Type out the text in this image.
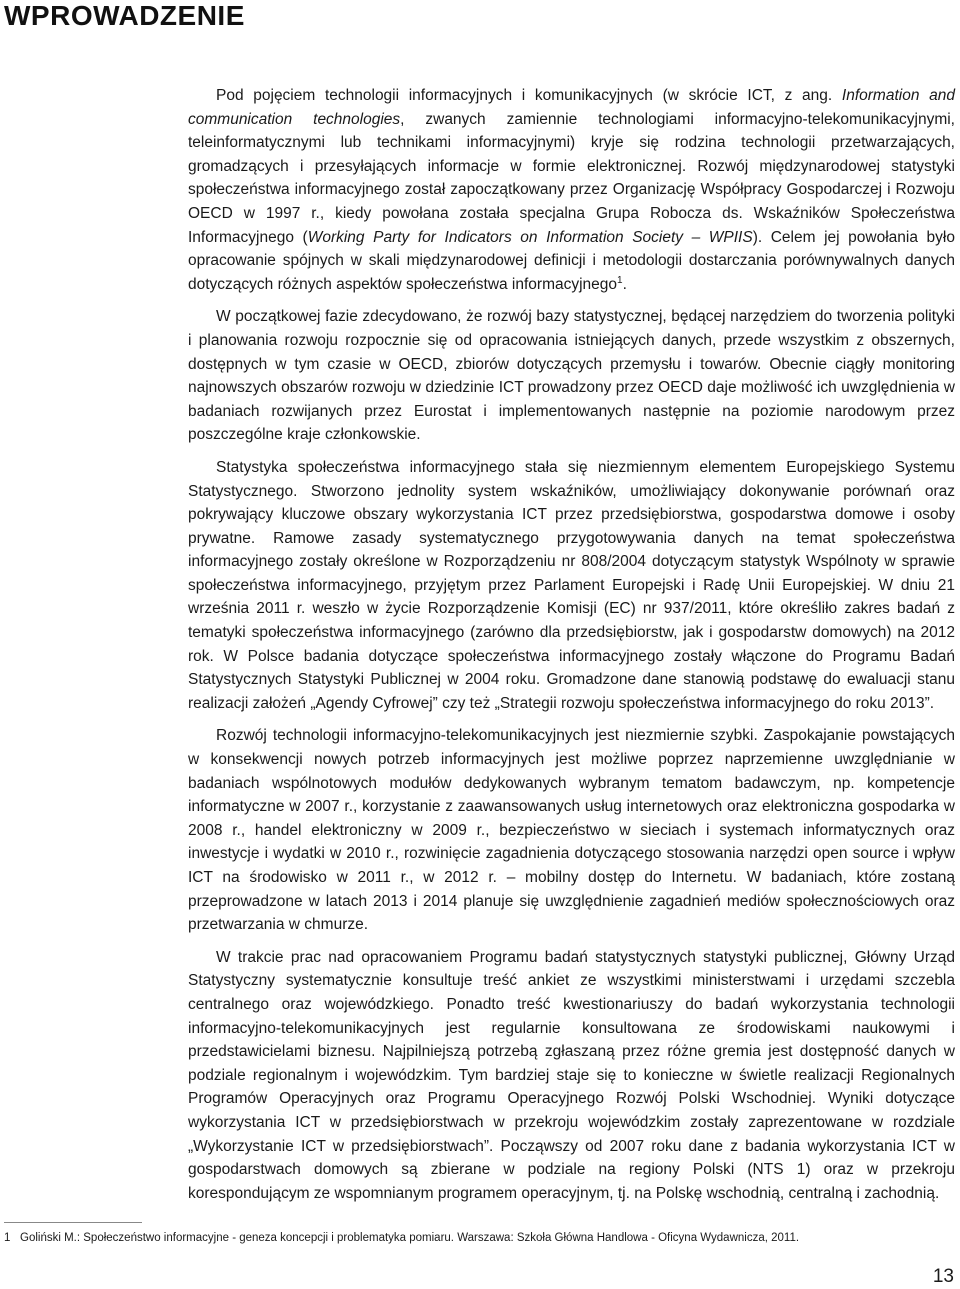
WPROWADZENIE

Pod pojęciem technologii informacyjnych i komunikacyjnych (w skrócie ICT, z ang. Information and communication technologies, zwanych zamiennie technologiami informacyjno-telekomunikacyjnymi, teleinformatycznymi lub technikami informacyjnymi) kryje się rodzina technologii przetwarzających, gromadzących i przesyłających informacje w formie elektronicznej. Rozwój międzynarodowej statystyki społeczeństwa informacyjnego został zapoczątkowany przez Organizację Współpracy Gospodarczej i Rozwoju OECD w 1997 r., kiedy powołana została specjalna Grupa Robocza ds. Wskaźników Społeczeństwa Informacyjnego (Working Party for Indicators on Information Society – WPIIS). Celem jej powołania było opracowanie spójnych w skali międzynarodowej definicji i metodologii dostarczania porównywalnych danych dotyczących różnych aspektów społeczeństwa informacyjnego$^1$.

W początkowej fazie zdecydowano, że rozwój bazy statystycznej, będącej narzędziem do tworzenia polityki i planowania rozwoju rozpocznie się od opracowania istniejących danych, przede wszystkim z obszernych, dostępnych w tym czasie w OECD, zbiorów dotyczących przemysłu i towarów. Obecnie ciągły monitoring najnowszych obszarów rozwoju w dziedzinie ICT prowadzony przez OECD daje możliwość ich uwzględnienia w badaniach rozwijanych przez Eurostat i implementowanych następnie na poziomie narodowym przez poszczególne kraje członkowskie.

Statystyka społeczeństwa informacyjnego stała się niezmiennym elementem Europejskiego Systemu Statystycznego. Stworzono jednolity system wskaźników, umożliwiający dokonywanie porównań oraz pokrywający kluczowe obszary wykorzystania ICT przez przedsiębiorstwa, gospodarstwa domowe i osoby prywatne. Ramowe zasady systematycznego przygotowywania danych na temat społeczeństwa informacyjnego zostały określone w Rozporządzeniu nr 808/2004 dotyczącym statystyk Wspólnoty w sprawie społeczeństwa informacyjnego, przyjętym przez Parlament Europejski i Radę Unii Europejskiej. W dniu 21 września 2011 r. weszło w życie Rozporządzenie Komisji (EC) nr 937/2011, które określiło zakres badań z tematyki społeczeństwa informacyjnego (zarówno dla przedsiębiorstw, jak i gospodarstw domowych) na 2012 rok. W Polsce badania dotyczące społeczeństwa informacyjnego zostały włączone do Programu Badań Statystycznych Statystyki Publicznej w 2004 roku. Gromadzone dane stanowią podstawę do ewaluacji stanu realizacji założeń „Agendy Cyfrowej” czy też „Strategii rozwoju społeczeństwa informacyjnego do roku 2013”.

Rozwój technologii informacyjno-telekomunikacyjnych jest niezmiernie szybki. Zaspokajanie powstających w konsekwencji nowych potrzeb informacyjnych jest możliwe poprzez naprzemienne uwzględnianie w badaniach wspólnotowych modułów dedykowanych wybranym tematom badawczym, np. kompetencje informatyczne w 2007 r., korzystanie z zaawansowanych usług internetowych oraz elektroniczna gospodarka w 2008 r., handel elektroniczny w 2009 r., bezpieczeństwo w sieciach i systemach informatycznych oraz inwestycje i wydatki w 2010 r., rozwinięcie zagadnienia dotyczącego stosowania narzędzi open source i wpływ ICT na środowisko w 2011 r., w 2012 r. – mobilny dostęp do Internetu. W badaniach, które zostaną przeprowadzone w latach 2013 i 2014 planuje się uwzględnienie zagadnień mediów społecznościowych oraz przetwarzania w chmurze.

W trakcie prac nad opracowaniem Programu badań statystycznych statystyki publicznej, Główny Urząd Statystyczny systematycznie konsultuje treść ankiet ze wszystkimi ministerstwami i urzędami szczebla centralnego oraz wojewódzkiego. Ponadto treść kwestionariuszy do badań wykorzystania technologii informacyjno-telekomunikacyjnych jest regularnie konsultowana ze środowiskami naukowymi i przedstawicielami biznesu. Najpilniejszą potrzebą zgłaszaną przez różne gremia jest dostępność danych w podziale regionalnym i wojewódzkim. Tym bardziej staje się to konieczne w świetle realizacji Regionalnych Programów Operacyjnych oraz Programu Operacyjnego Rozwój Polski Wschodniej. Wyniki dotyczące wykorzystania ICT w przedsiębiorstwach w przekroju wojewódzkim zostały zaprezentowane w rozdziale „Wykorzystanie ICT w przedsiębiorstwach”. Począwszy od 2007 roku dane z badania wykorzystania ICT w gospodarstwach domowych są zbierane w podziale na regiony Polski (NTS 1) oraz w przekroju korespondującym ze wspomnianym programem operacyjnym, tj. na Polskę wschodnią, centralną i zachodnią.

1 Goliński M.: Społeczeństwo informacyjne - geneza koncepcji i problematyka pomiaru. Warszawa: Szkoła Główna Handlowa - Oficyna Wydawnicza, 2011.
13
